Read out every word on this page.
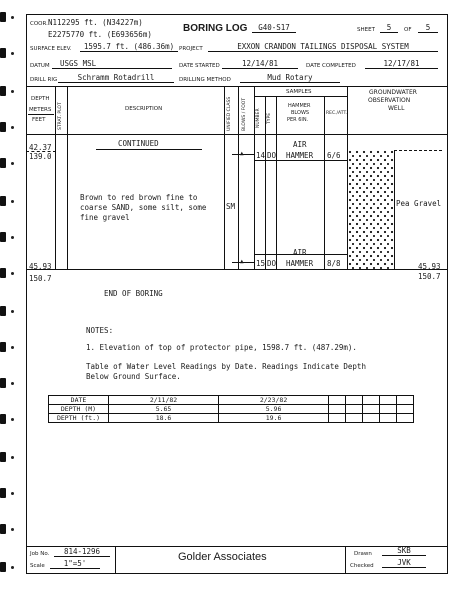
COOR. N112295 ft. (N34227m)
E2275770 ft. (E693656m)
BORING LOG	G40-S17	SHEET	5	OF	5
SURFACE ELEV.	1595.7 ft. (486.36m) PROJECT	EXXON CRANDON TAILINGS DISPOSAL SYSTEM
DATUM	USGS MSL	DATE STARTED	12/14/81	DATE COMPLETED	12/17/81
DRILL RIG	Schramm Rotadrill	DRILLING METHOD	Mud Rotary
DEPTH
METERS
FEET	STRAT. PLOT	DESCRIPTION	UNIFIED CLASS BLOWS / FOOT
SAMPLES
NUMBER TYPE
HAMMER
BLOWS
PER 6IN.
REC./ATT.
GROUNDWATER
OBSERVATION
WELL
42.37
139.0
CONTINUED
Brown to red brown fine to
coarse SAND, some silt, some
fine gravel
SM
▲ 14 DO
AIR
HAMMER 6/6
▲ 15 DO
AIR
HAMMER 8/8
Pea Gravel
45.93
150.7
45.93
150.7
END OF BORING
NOTES:
1. Elevation of top of protector pipe, 1598.7 ft. (487.29m).
Table of Water Level Readings by Date. Readings Indicate Depth
Below Ground Surface.
DATE	2/11/82	2/23/82					
DEPTH (M)	5.65	5.96					
DEPTH (ft.)	18.6	19.6					
Job No.	814-1296
Scale	1"=5'
Golder Associates	Drawn	SKB
Checked	JVK
